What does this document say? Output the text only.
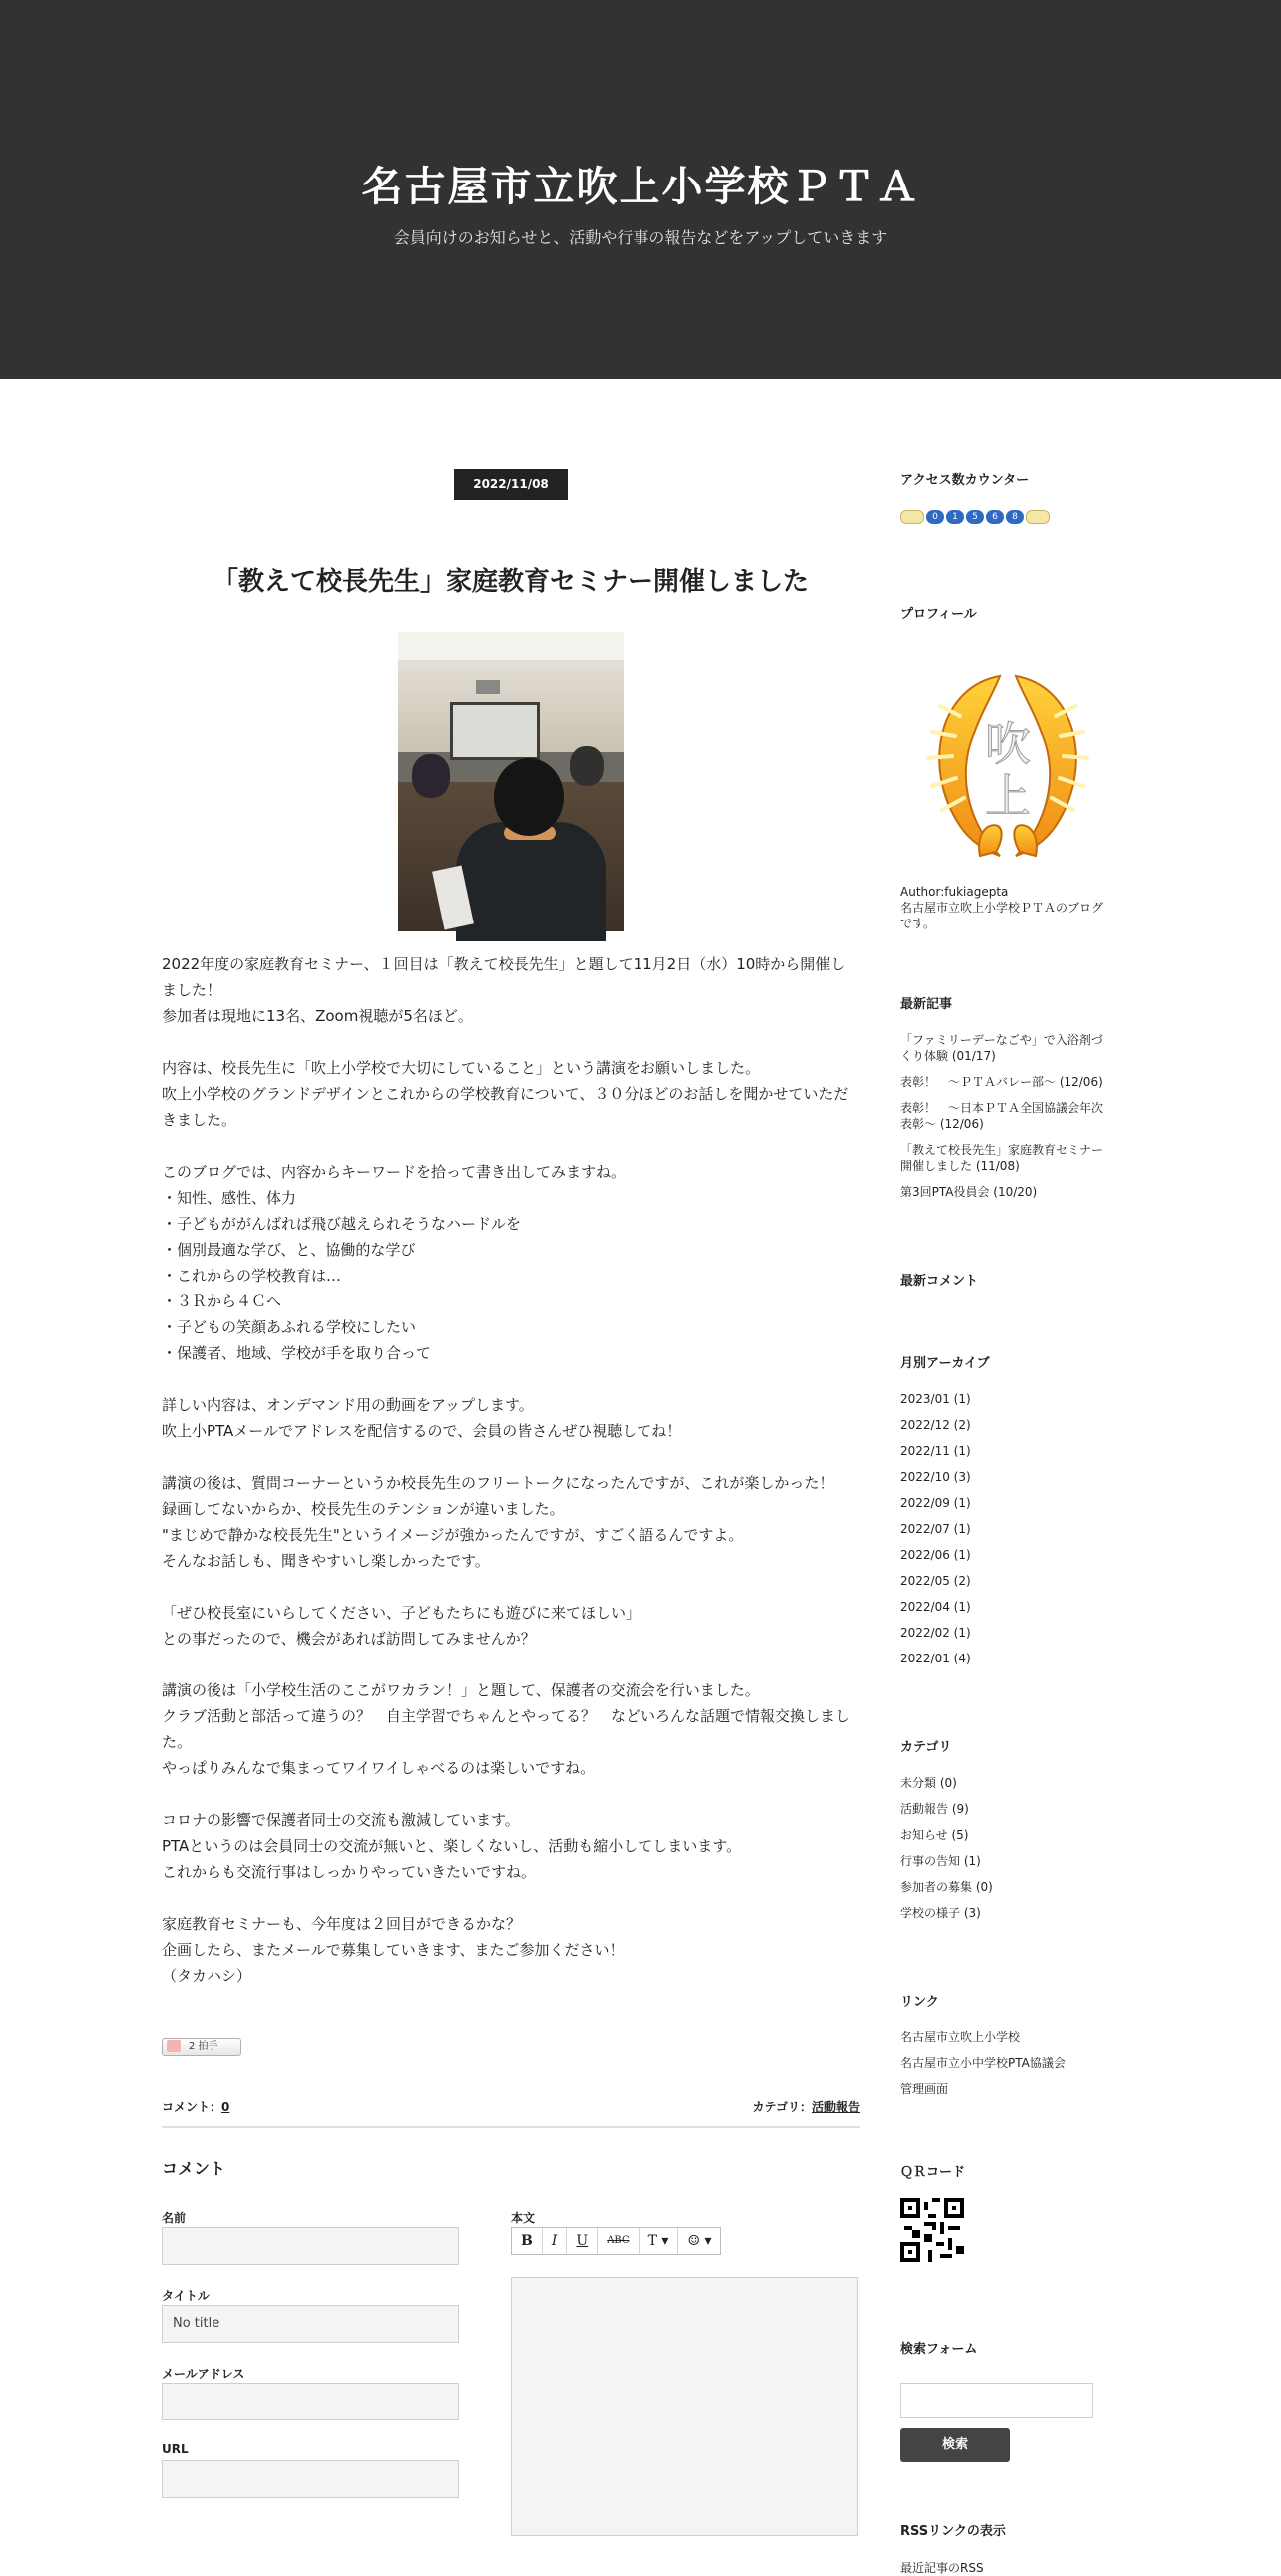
名古屋市立吹上小学校ＰＴＡ
会員向けのお知らせと、活動や行事の報告などをアップしていきます
2022/11/08
「教えて校長先生」家庭教育セミナー開催しました
2022年度の家庭教育セミナー、１回目は「教えて校長先生」と題して11月2日（水）10時から開催しました！
参加者は現地に13名、Zoom視聴が5名ほど。

内容は、校長先生に「吹上小学校で大切にしていること」という講演をお願いしました。
吹上小学校のグランドデザインとこれからの学校教育について、３０分ほどのお話しを聞かせていただきました。

このブログでは、内容からキーワードを拾って書き出してみますね。
・知性、感性、体力
・子どもががんばれば飛び越えられそうなハードルを
・個別最適な学び、と、協働的な学び
・これからの学校教育は…
・３Ｒから４Ｃへ
・子どもの笑顔あふれる学校にしたい
・保護者、地域、学校が手を取り合って

詳しい内容は、オンデマンド用の動画をアップします。
吹上小PTAメールでアドレスを配信するので、会員の皆さんぜひ視聴してね！

講演の後は、質問コーナーというか校長先生のフリートークになったんですが、これが楽しかった！
録画してないからか、校長先生のテンションが違いました。
"まじめで静かな校長先生"というイメージが強かったんですが、すごく語るんですよ。
そんなお話しも、聞きやすいし楽しかったです。

「ぜひ校長室にいらしてください、子どもたちにも遊びに来てほしい」
との事だったので、機会があれば訪問してみませんか？

講演の後は「小学校生活のここがワカラン！」と題して、保護者の交流会を行いました。
クラブ活動と部活って違うの？　自主学習でちゃんとやってる？　などいろんな話題で情報交換しました。
やっぱりみんなで集まってワイワイしゃべるのは楽しいですね。

コロナの影響で保護者同士の交流も激減しています。
PTAというのは会員同士の交流が無いと、楽しくないし、活動も縮小してしまいます。
これからも交流行事はしっかりやっていきたいですね。

家庭教育セミナーも、今年度は２回目ができるかな？
企画したら、またメールで募集していきます、またご参加ください！
（タカハシ）
2 拍手
コメント：0	カテゴリ：活動報告
コメント
名前
タイトル
No title
メールアドレス
URL
本文
B	I	U	ABC	T ▾	☺ ▾
アクセス数カウンター
0	1	5	6	8
プロフィール
吹
上
Author:fukiagepta
名古屋市立吹上小学校ＰＴＡのブログです。
最新記事
「ファミリーデーなごや」で入浴剤づくり体験 (01/17)
表彰！　～ＰＴＡバレー部～ (12/06)
表彰！　～日本ＰＴＡ全国協議会年次表彰～ (12/06)
「教えて校長先生」家庭教育セミナー開催しました (11/08)
第3回PTA役員会 (10/20)
最新コメント
月別アーカイブ
2023/01 (1)
2022/12 (2)
2022/11 (1)
2022/10 (3)
2022/09 (1)
2022/07 (1)
2022/06 (1)
2022/05 (2)
2022/04 (1)
2022/02 (1)
2022/01 (4)
カテゴリ
未分類 (0)
活動報告 (9)
お知らせ (5)
行事の告知 (1)
参加者の募集 (0)
学校の様子 (3)
リンク
名古屋市立吹上小学校
名古屋市立小中学校PTA協議会
管理画面
ＱＲコード
検索フォーム
検索
RSSリンクの表示
最近記事のRSS
